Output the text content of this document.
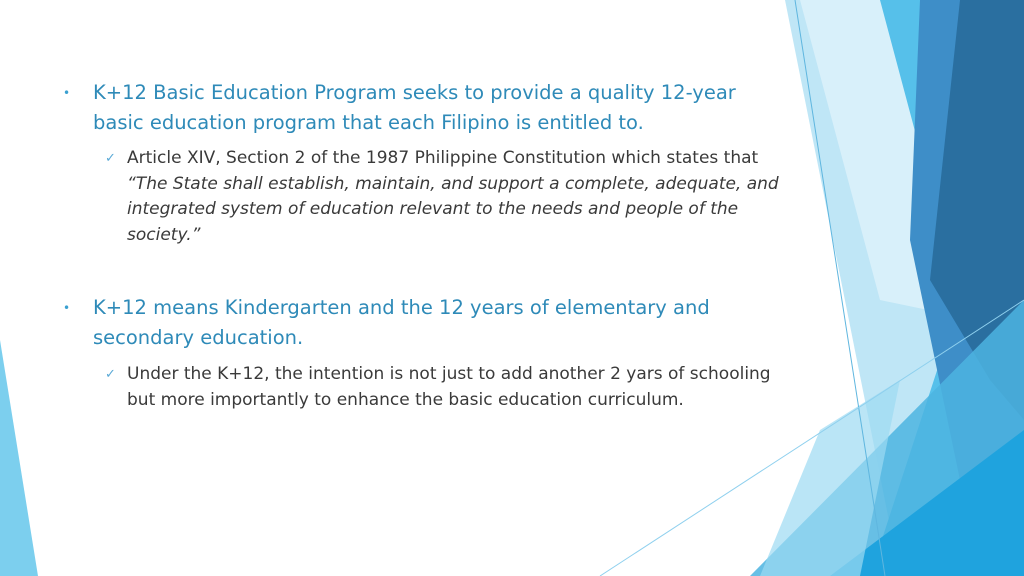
• K+12 Basic Education Program seeks to provide a quality 12-year basic education program that each Filipino is entitled to.
✓ Article XIV, Section 2 of the 1987 Philippine Constitution which states that “The State shall establish, maintain, and support a complete, adequate, and integrated system of education relevant to the needs and people of the society.”
• K+12 means Kindergarten and the 12 years of elementary and secondary education.
✓ Under the K+12, the intention is not just to add another 2 yars of schooling but more importantly to enhance the basic education curriculum.
